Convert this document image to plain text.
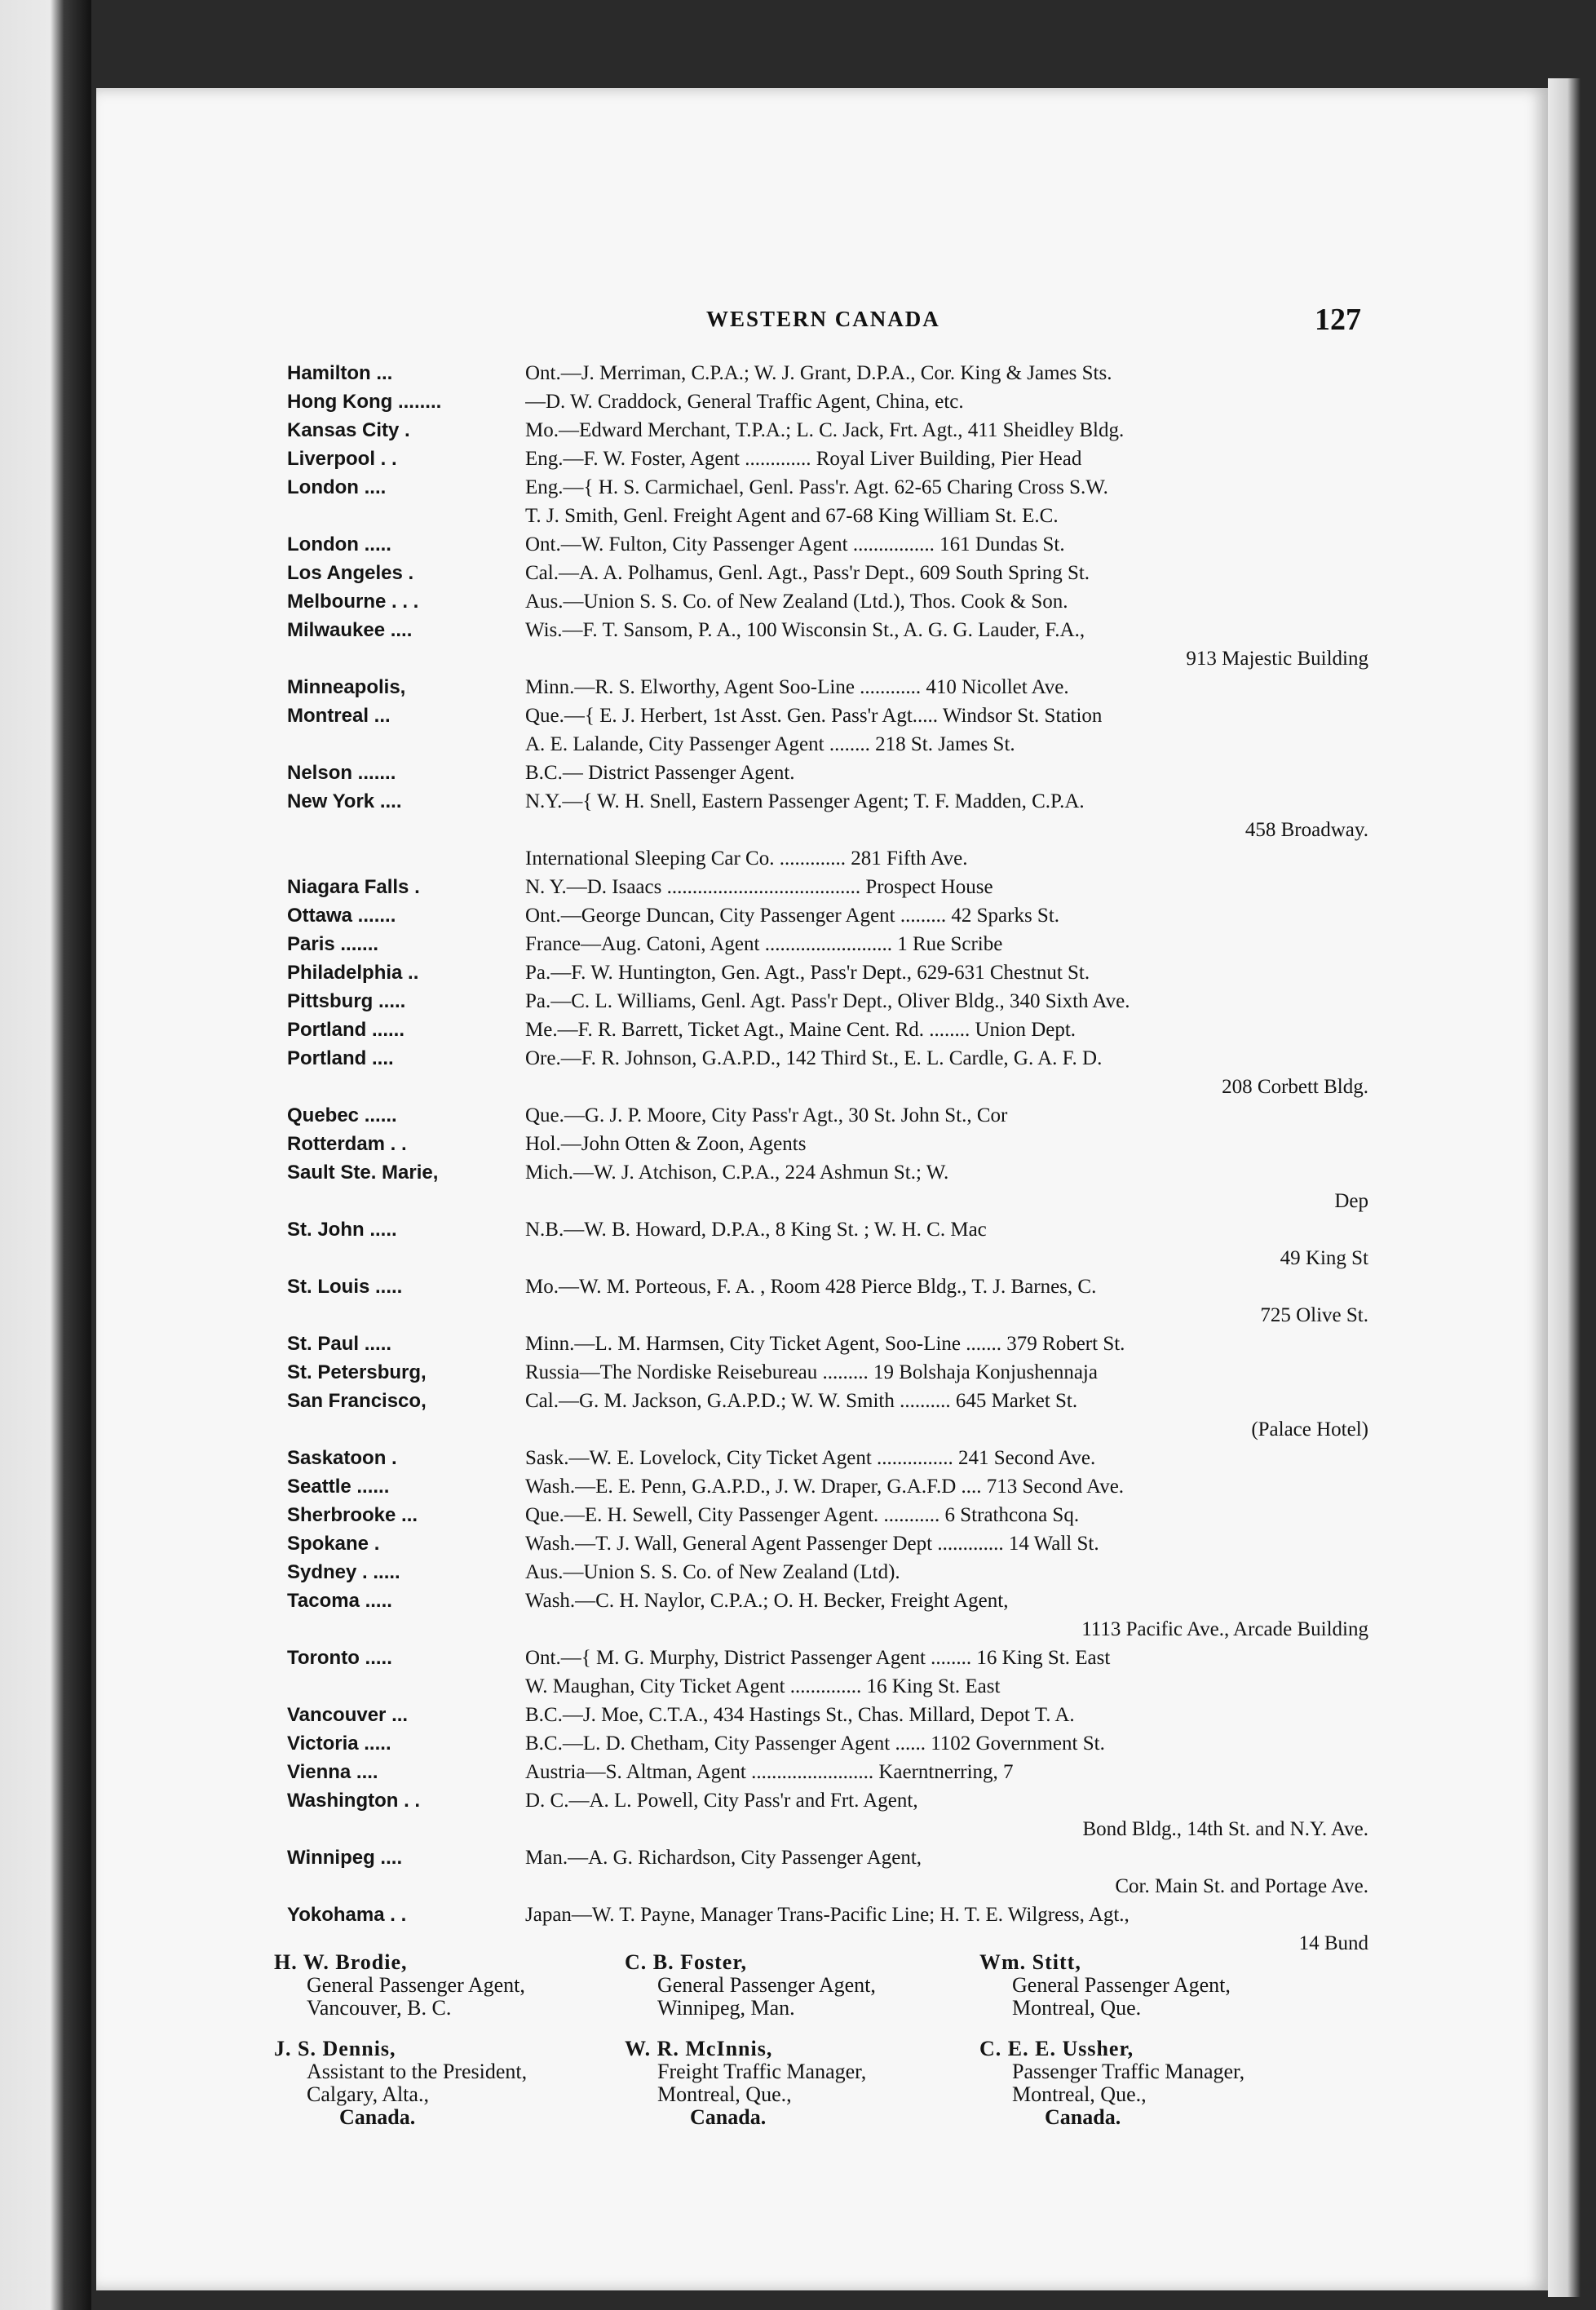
WESTERN CANADA	127
Hamilton ...	Ont.—J. Merriman, C.P.A.; W. J. Grant, D.P.A., Cor. King & James Sts.
Hong Kong ........	—D. W. Craddock, General Traffic Agent, China, etc.
Kansas City .	Mo.—Edward Merchant, T.P.A.; L. C. Jack, Frt. Agt., 411 Sheidley Bldg.
Liverpool . .	Eng.—F. W. Foster, Agent ............. Royal Liver Building, Pier Head
London ....	Eng.—{ H. S. Carmichael, Genl. Pass'r. Agt. 62-65 Charing Cross S.W.
T. J. Smith, Genl. Freight Agent and 67-68 King William St. E.C.
London .....	Ont.—W. Fulton, City Passenger Agent ................ 161 Dundas St.
Los Angeles .	Cal.—A. A. Polhamus, Genl. Agt., Pass'r Dept., 609 South Spring St.
Melbourne . . .	Aus.—Union S. S. Co. of New Zealand (Ltd.), Thos. Cook & Son.
Milwaukee ....	Wis.—F. T. Sansom, P. A., 100 Wisconsin St., A. G. G. Lauder, F.A.,
913 Majestic Building
Minneapolis,	Minn.—R. S. Elworthy, Agent Soo-Line ............ 410 Nicollet Ave.
Montreal ...	Que.—{ E. J. Herbert, 1st Asst. Gen. Pass'r Agt..... Windsor St. Station
A. E. Lalande, City Passenger Agent ........ 218 St. James St.
Nelson .......	B.C.— District Passenger Agent.
New York ....	N.Y.—{ W. H. Snell, Eastern Passenger Agent; T. F. Madden, C.P.A.
458 Broadway.
International Sleeping Car Co. ............. 281 Fifth Ave.
Niagara Falls .	N. Y.—D. Isaacs ...................................... Prospect House
Ottawa .......	Ont.—George Duncan, City Passenger Agent ......... 42 Sparks St.
Paris .......	France—Aug. Catoni, Agent ......................... 1 Rue Scribe
Philadelphia ..	Pa.—F. W. Huntington, Gen. Agt., Pass'r Dept., 629-631 Chestnut St.
Pittsburg .....	Pa.—C. L. Williams, Genl. Agt. Pass'r Dept., Oliver Bldg., 340 Sixth Ave.
Portland ......	Me.—F. R. Barrett, Ticket Agt., Maine Cent. Rd. ........ Union Dept.
Portland ....	Ore.—F. R. Johnson, G.A.P.D., 142 Third St., E. L. Cardle, G. A. F. D.
208 Corbett Bldg.
Quebec ......	Que.—G. J. P. Moore, City Pass'r Agt., 30 St. John St., Cor
Rotterdam . .	Hol.—John Otten & Zoon, Agents
Sault Ste. Marie,	Mich.—W. J. Atchison, C.P.A., 224 Ashmun St.; W.
Dep
St. John .....	N.B.—W. B. Howard, D.P.A., 8 King St. ; W. H. C. Mac
49 King St
St. Louis .....	Mo.—W. M. Porteous, F. A. , Room 428 Pierce Bldg., T. J. Barnes, C.
725 Olive St.
St. Paul .....	Minn.—L. M. Harmsen, City Ticket Agent, Soo-Line ....... 379 Robert St.
St. Petersburg,	Russia—The Nordiske Reisebureau ......... 19 Bolshaja Konjushennaja
San Francisco,	Cal.—G. M. Jackson, G.A.P.D.; W. W. Smith .......... 645 Market St.
(Palace Hotel)
Saskatoon .	Sask.—W. E. Lovelock, City Ticket Agent ............... 241 Second Ave.
Seattle ......	Wash.—E. E. Penn, G.A.P.D., J. W. Draper, G.A.F.D .... 713 Second Ave.
Sherbrooke ...	Que.—E. H. Sewell, City Passenger Agent. ........... 6 Strathcona Sq.
Spokane .	Wash.—T. J. Wall, General Agent Passenger Dept ............. 14 Wall St.
Sydney . .....	Aus.—Union S. S. Co. of New Zealand (Ltd).
Tacoma .....	Wash.—C. H. Naylor, C.P.A.; O. H. Becker, Freight Agent,
1113 Pacific Ave., Arcade Building
Toronto .....	Ont.—{ M. G. Murphy, District Passenger Agent ........ 16 King St. East
W. Maughan, City Ticket Agent .............. 16 King St. East
Vancouver ...	B.C.—J. Moe, C.T.A., 434 Hastings St., Chas. Millard, Depot T. A.
Victoria .....	B.C.—L. D. Chetham, City Passenger Agent ...... 1102 Government St.
Vienna ....	Austria—S. Altman, Agent ........................ Kaerntnerring, 7
Washington . .	D. C.—A. L. Powell, City Pass'r and Frt. Agent,
Bond Bldg., 14th St. and N.Y. Ave.
Winnipeg ....	Man.—A. G. Richardson, City Passenger Agent,
Cor. Main St. and Portage Ave.
Yokohama . .	Japan—W. T. Payne, Manager Trans-Pacific Line; H. T. E. Wilgress, Agt.,
14 Bund
H. W. Brodie,
General Passenger Agent,
Vancouver, B. C.
C. B. Foster,
General Passenger Agent,
Winnipeg, Man.
Wm. Stitt,
General Passenger Agent,
Montreal, Que.
J. S. Dennis,
Assistant to the President,
Calgary, Alta.,
Canada.
W. R. McInnis,
Freight Traffic Manager,
Montreal, Que.,
Canada.
C. E. E. Ussher,
Passenger Traffic Manager,
Montreal, Que.,
Canada.
